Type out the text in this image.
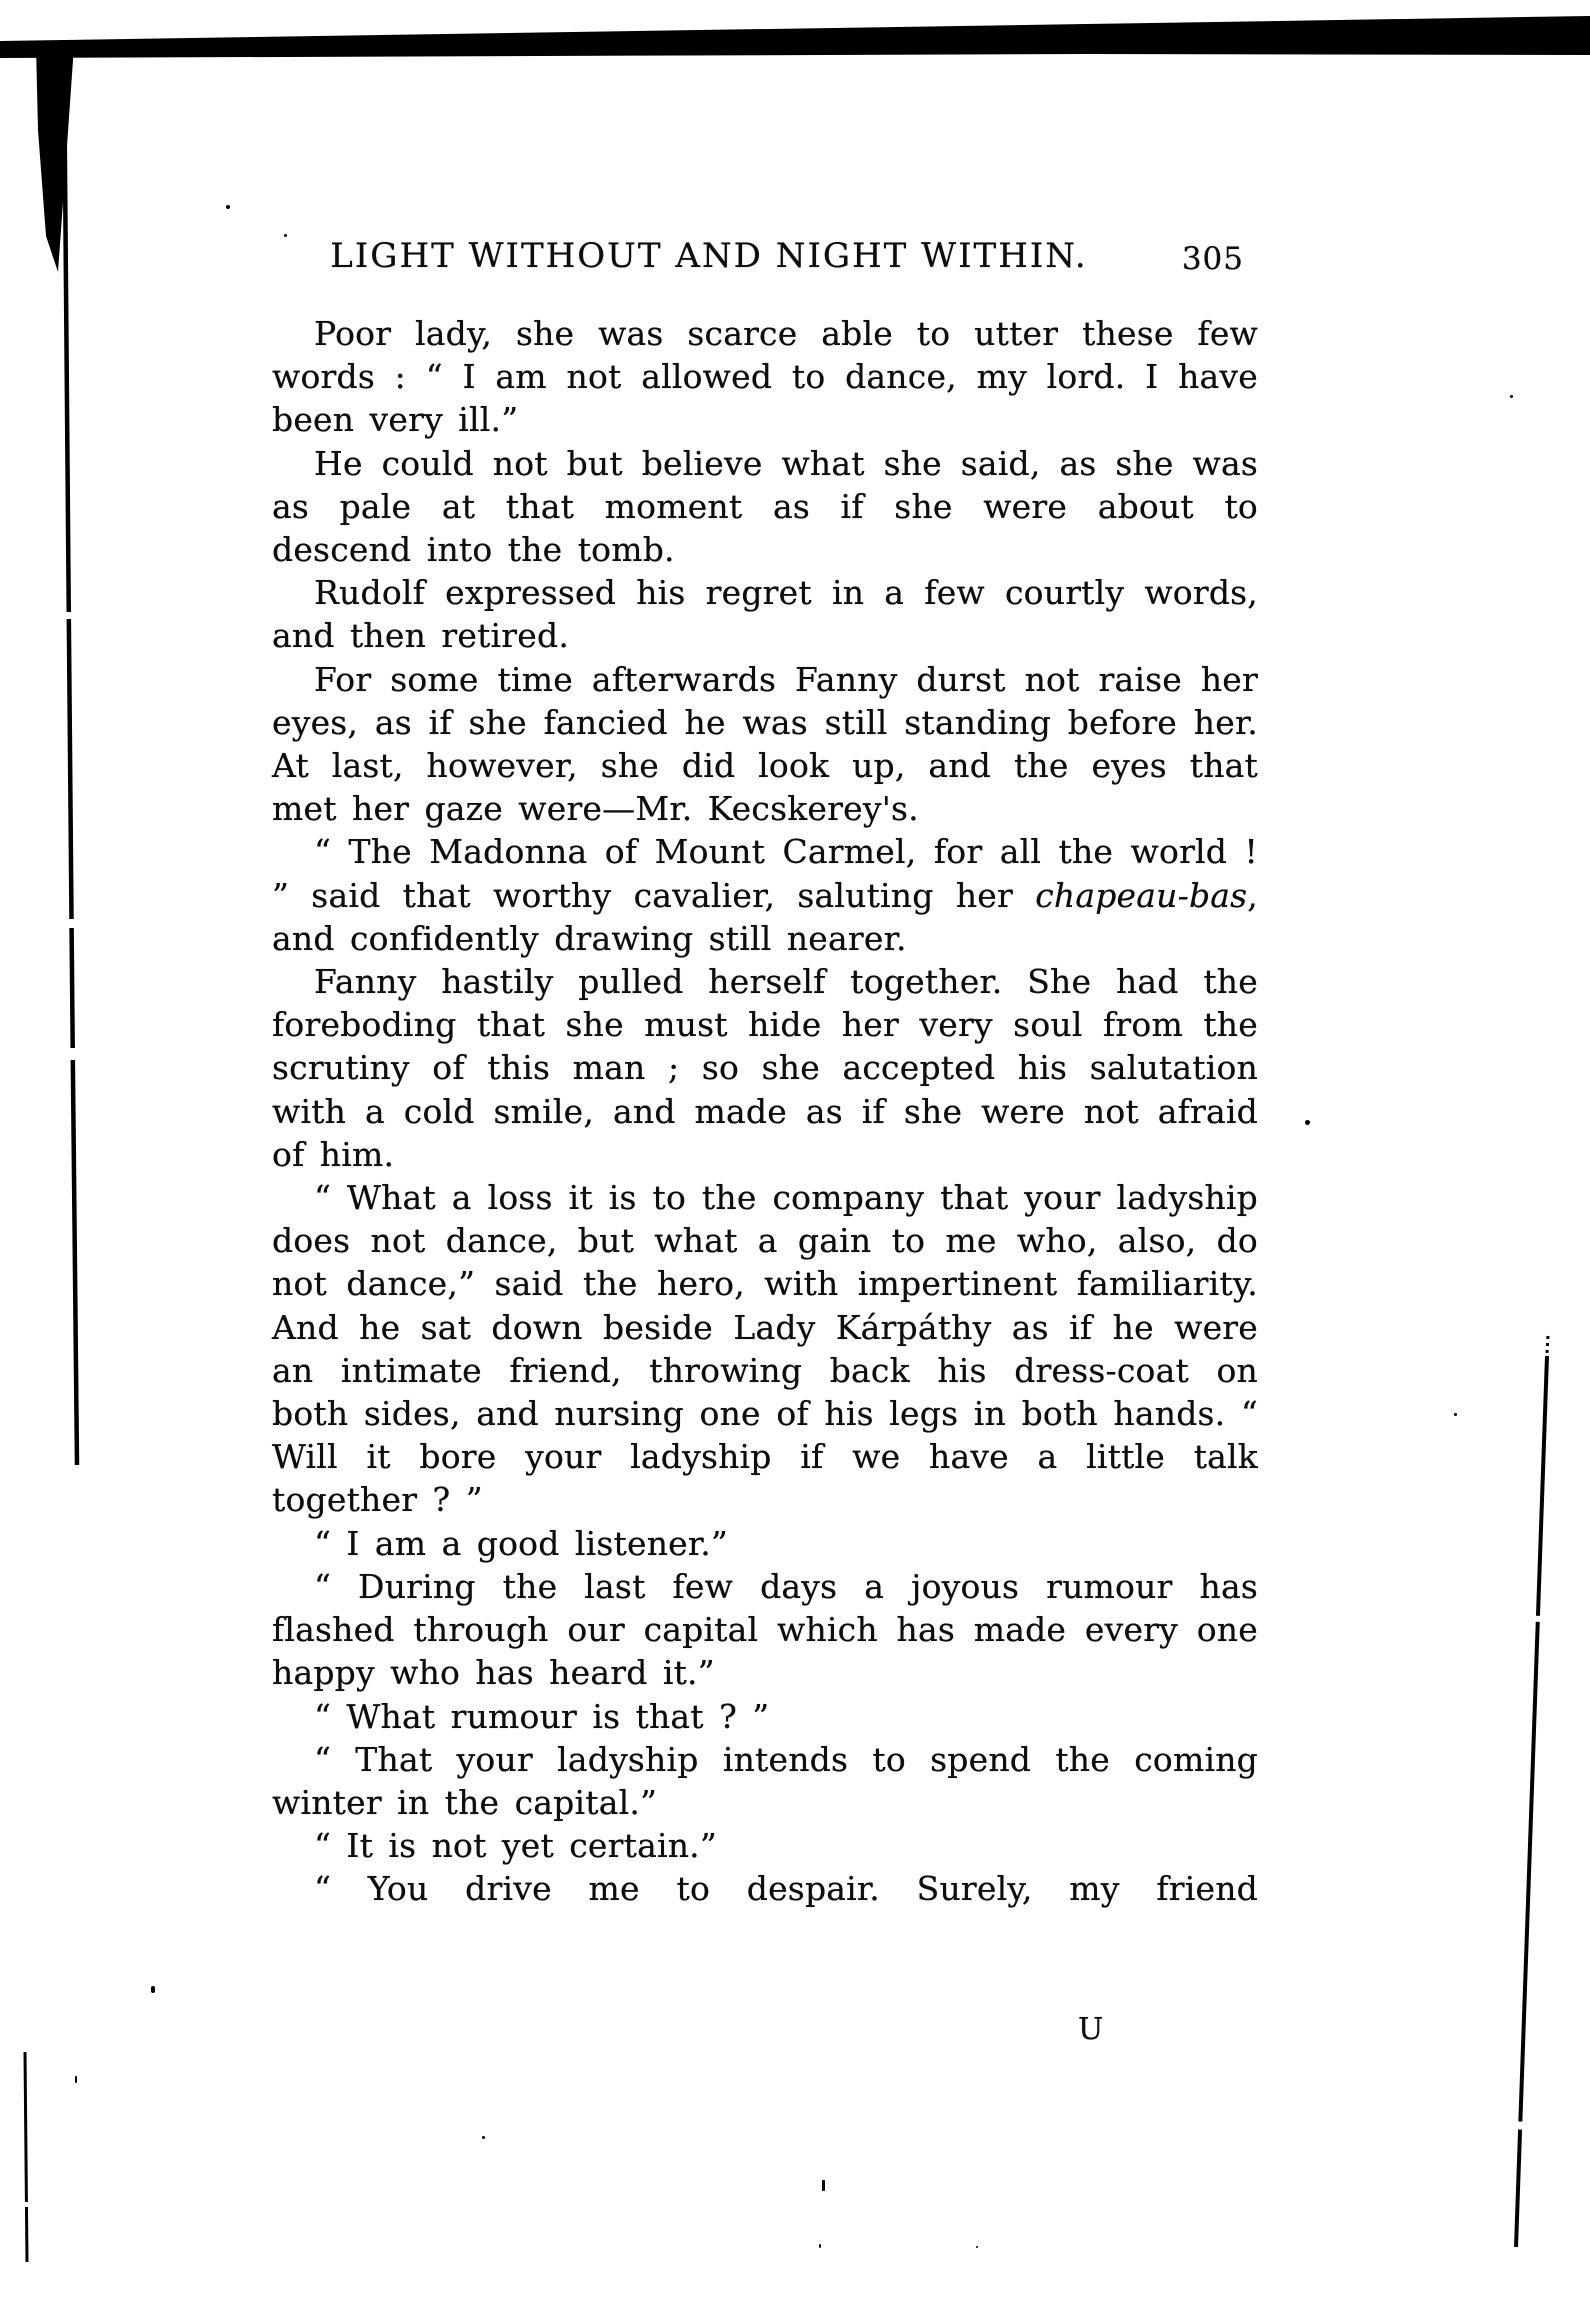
LIGHT WITHOUT AND NIGHT WITHIN.	305

Poor lady, she was scarce able to utter these few words : “ I am not allowed to dance, my lord. I have been very ill.”

He could not but believe what she said, as she was as pale at that moment as if she were about to descend into the tomb.

Rudolf expressed his regret in a few courtly words, and then retired.

For some time afterwards Fanny durst not raise her eyes, as if she fancied he was still standing before her. At last, however, she did look up, and the eyes that met her gaze were—Mr. Kecskerey's.

“ The Madonna of Mount Carmel, for all the world ! ” said that worthy cavalier, saluting her chapeau-bas, and confidently drawing still nearer.

Fanny hastily pulled herself together. She had the foreboding that she must hide her very soul from the scrutiny of this man ; so she accepted his salutation with a cold smile, and made as if she were not afraid of him.

“ What a loss it is to the company that your ladyship does not dance, but what a gain to me who, also, do not dance,” said the hero, with impertinent familiarity. And he sat down beside Lady Kárpáthy as if he were an intimate friend, throwing back his dress-coat on both sides, and nursing one of his legs in both hands. “ Will it bore your ladyship if we have a little talk together ? ”

“ I am a good listener.”

“ During the last few days a joyous rumour has flashed through our capital which has made every one happy who has heard it.”

“ What rumour is that ? ”

“ That your ladyship intends to spend the coming winter in the capital.”

“ It is not yet certain.”

“ You drive me to despair. Surely, my friend

U
